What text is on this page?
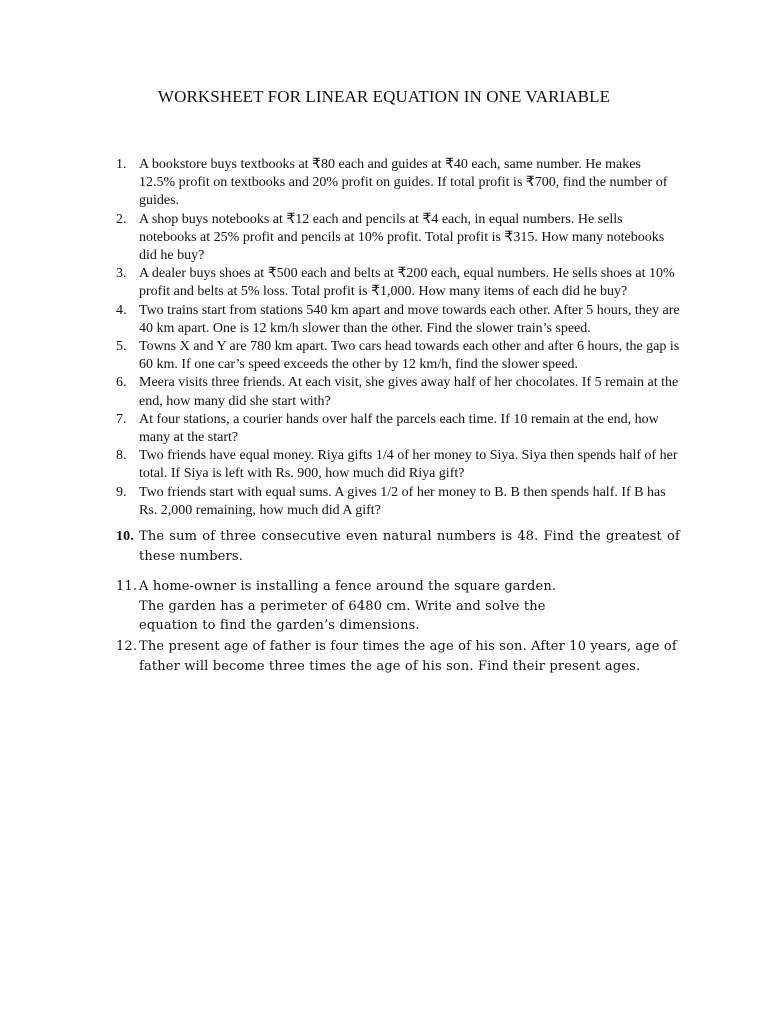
WORKSHEET FOR LINEAR EQUATION IN ONE VARIABLE
1. A bookstore buys textbooks at ₹80 each and guides at ₹40 each, same number. He makes 12.5% profit on textbooks and 20% profit on guides. If total profit is ₹700, find the number of guides.
2. A shop buys notebooks at ₹12 each and pencils at ₹4 each, in equal numbers. He sells notebooks at 25% profit and pencils at 10% profit. Total profit is ₹315. How many notebooks did he buy?
3. A dealer buys shoes at ₹500 each and belts at ₹200 each, equal numbers. He sells shoes at 10% profit and belts at 5% loss. Total profit is ₹1,000. How many items of each did he buy?
4. Two trains start from stations 540 km apart and move towards each other. After 5 hours, they are 40 km apart. One is 12 km/h slower than the other. Find the slower train’s speed.
5. Towns X and Y are 780 km apart. Two cars head towards each other and after 6 hours, the gap is 60 km. If one car’s speed exceeds the other by 12 km/h, find the slower speed.
6. Meera visits three friends. At each visit, she gives away half of her chocolates. If 5 remain at the end, how many did she start with?
7. At four stations, a courier hands over half the parcels each time. If 10 remain at the end, how many at the start?
8. Two friends have equal money. Riya gifts 1/4 of her money to Siya. Siya then spends half of her total. If Siya is left with Rs. 900, how much did Riya gift?
9. Two friends start with equal sums. A gives 1/2 of her money to B. B then spends half. If B has Rs. 2,000 remaining, how much did A gift?
10. The sum of three consecutive even natural numbers is 48. Find the greatest of these numbers.
11. A home-owner is installing a fence around the square garden. The garden has a perimeter of 6480 cm. Write and solve the equation to find the garden’s dimensions.
12. The present age of father is four times the age of his son. After 10 years, age of father will become three times the age of his son. Find their present ages.
